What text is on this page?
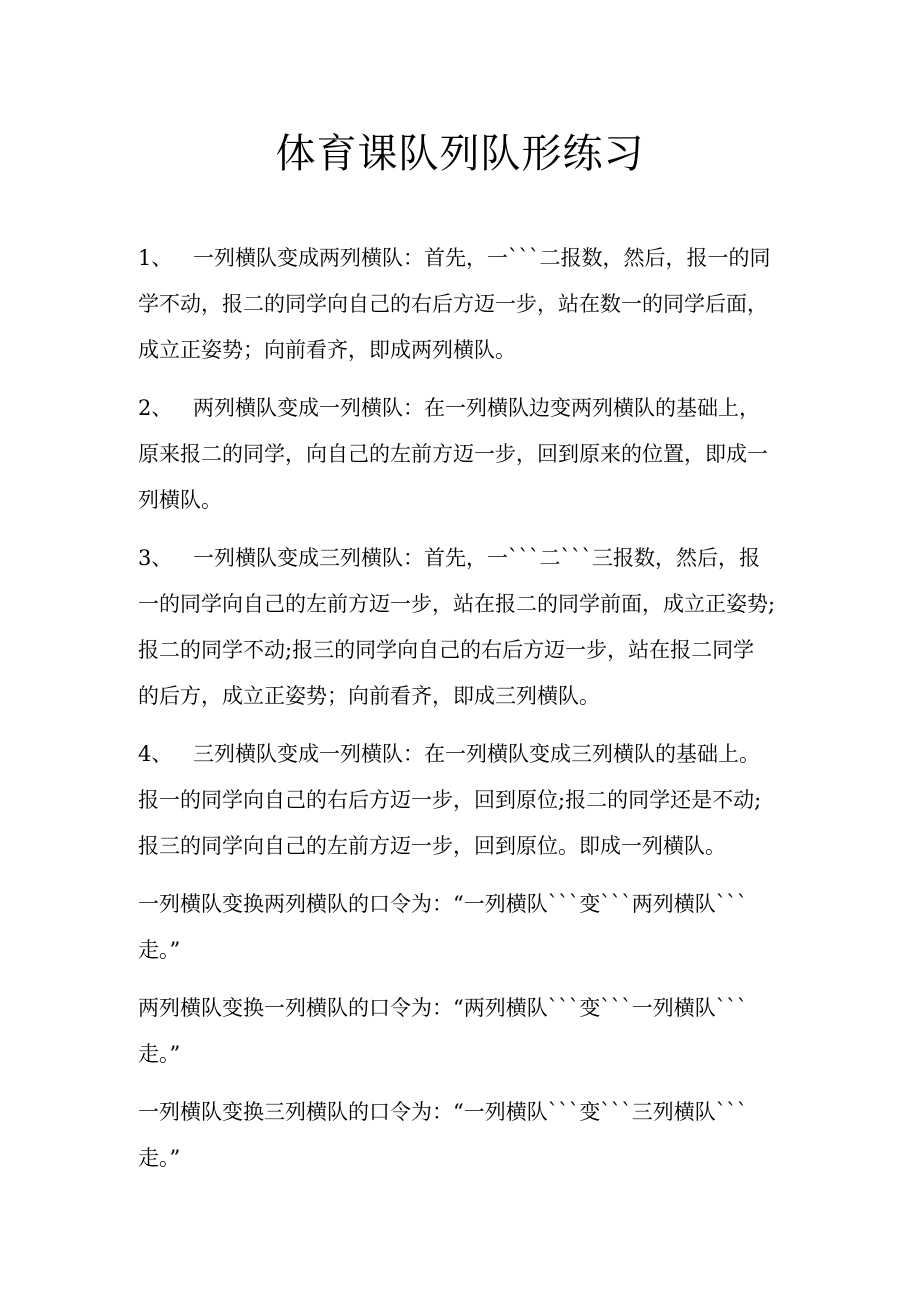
体育课队列队形练习
1、 一列横队变成两列横队：首先，一```二报数，然后，报一的同
学不动，报二的同学向自己的右后方迈一步，站在数一的同学后面，
成立正姿势；向前看齐，即成两列横队。
2、 两列横队变成一列横队：在一列横队边变两列横队的基础上，
原来报二的同学，向自己的左前方迈一步，回到原来的位置，即成一
列横队。
3、 一列横队变成三列横队：首先，一```二```三报数，然后，报
一的同学向自己的左前方迈一步，站在报二的同学前面，成立正姿势;
报二的同学不动;报三的同学向自己的右后方迈一步，站在报二同学
的后方，成立正姿势；向前看齐，即成三列横队。
4、 三列横队变成一列横队：在一列横队变成三列横队的基础上。
报一的同学向自己的右后方迈一步，回到原位;报二的同学还是不动;
报三的同学向自己的左前方迈一步，回到原位。即成一列横队。
一列横队变换两列横队的口令为：“一列横队```变```两列横队```
走。”
两列横队变换一列横队的口令为：“两列横队```变```一列横队```
走。”
一列横队变换三列横队的口令为：“一列横队```变```三列横队```
走。”
